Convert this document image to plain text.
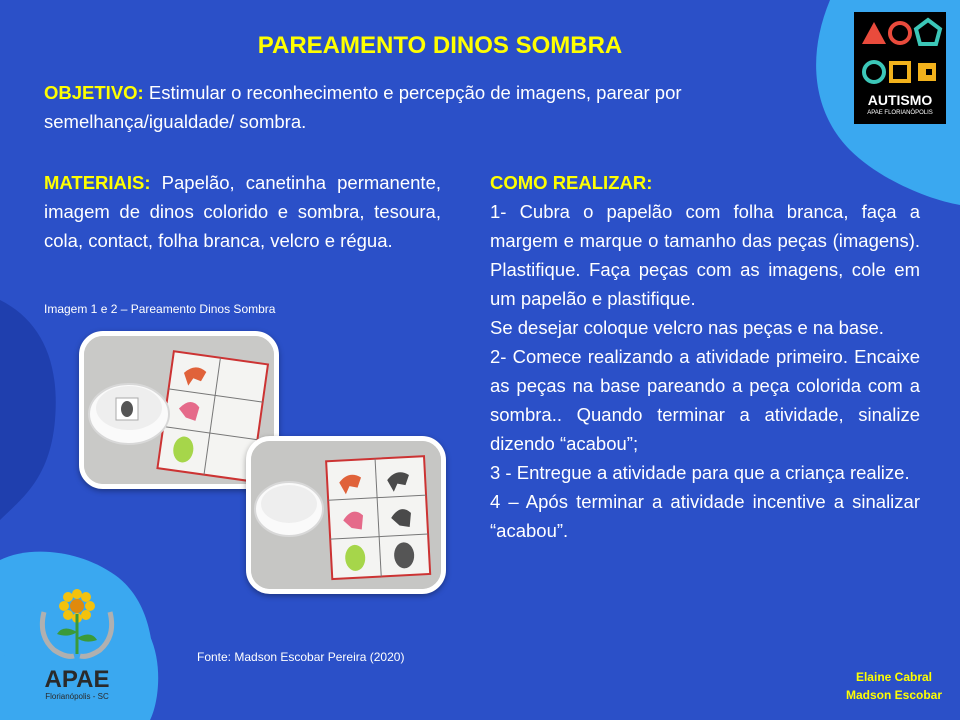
PAREAMENTO DINOS SOMBRA

OBJETIVO: Estimular o reconhecimento e percepção de imagens, parear por semelhança/igualdade/ sombra.

MATERIAIS: Papelão, canetinha permanente, imagem de dinos colorido e sombra, tesoura, cola, contact, folha branca, velcro e régua.

Imagem 1 e 2 – Pareamento Dinos Sombra

Fonte: Madson Escobar Pereira (2020)

COMO REALIZAR:

1- Cubra o papelão com folha branca, faça a margem e marque o tamanho das peças (imagens). Plastifique. Faça peças com as imagens, cole em um papelão e plastifique.

Se desejar coloque velcro nas peças e na base.

2- Comece realizando a atividade primeiro. Encaixe as peças na base pareando a peça colorida com a sombra.. Quando terminar a atividade, sinalize dizendo “acabou”;

3 - Entregue a atividade para que a criança realize.

4 – Após terminar a atividade incentive a sinalizar “acabou”.

Elaine Cabral
Madson Escobar
AUTISMO
APAE FLORIANÓPOLIS
APAE
Florianópolis - SC
